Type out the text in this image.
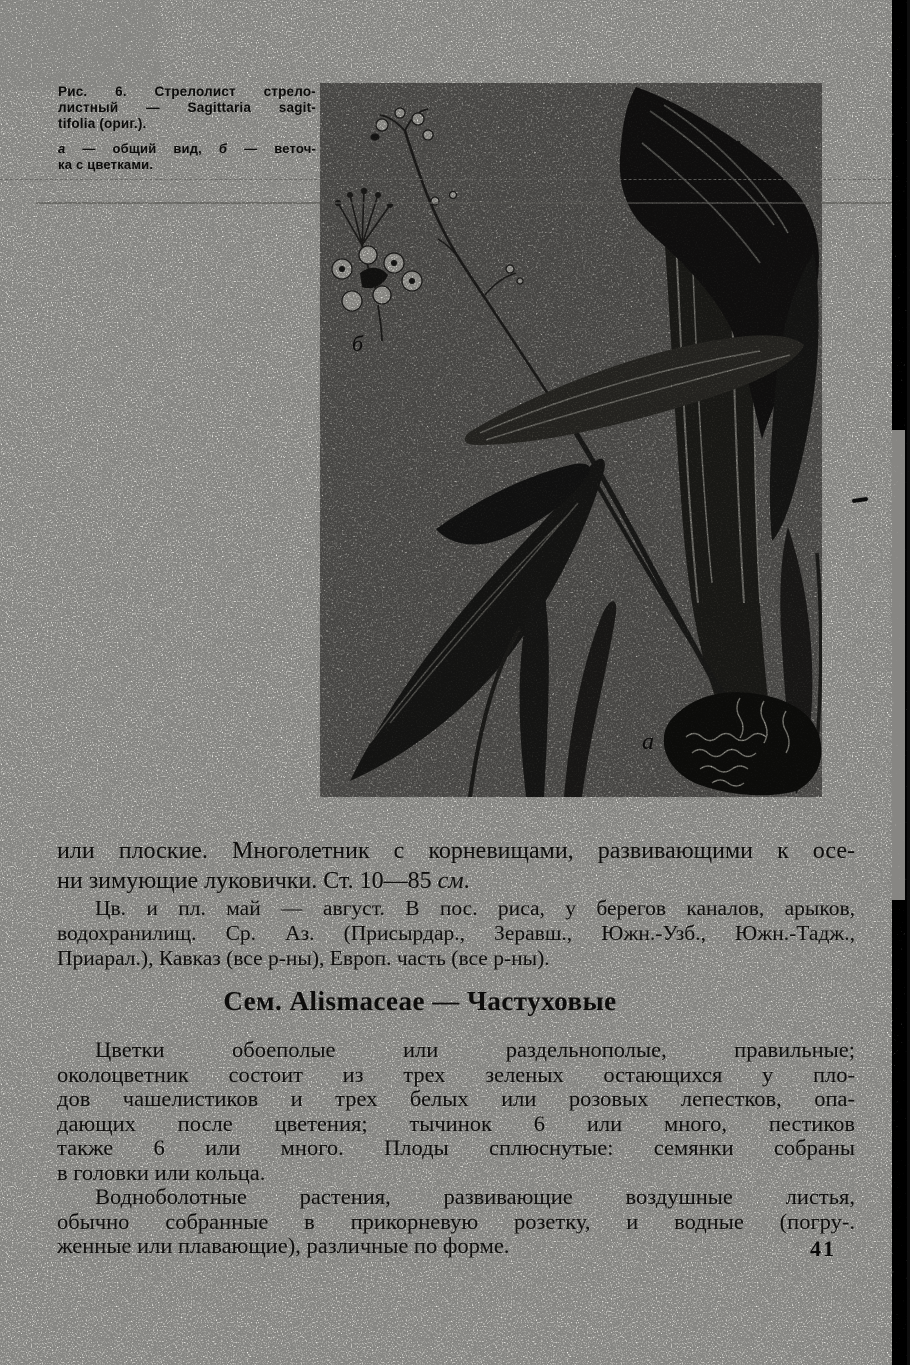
Рис. 6. Стрелолист стрело-
листный — Sagittaria sagit-
tifolia (ориг.).
а — общий вид, б — веточ-
ка с цветками.
б
а
или плоские. Многолетник с корневищами, развивающими к осе-
ни зимующие луковички. Ст. 10—85 см.
Цв. и пл. май — август. В пос. риса, у берегов каналов, арыков,
водохранилищ. Ср. Аз. (Присырдар., Зеравш., Южн.-Узб., Южн.-Тадж.,
Приарал.), Кавказ (все р-ны), Европ. часть (все р-ны).
Сем. Alismaceae — Частуховые
Цветки обоеполые или раздельнополые, правильные;
околоцветник состоит из трех зеленых остающихся у пло-
дов чашелистиков и трех белых или розовых лепестков, опа-
дающих после цветения; тычинок 6 или много, пестиков
также 6 или много. Плоды сплюснутые: семянки собраны
в головки или кольца.
Водноболотные растения, развивающие воздушные листья,
обычно собранные в прикорневую розетку, и водные (погру-.
женные или плавающие), различные по форме.	41
